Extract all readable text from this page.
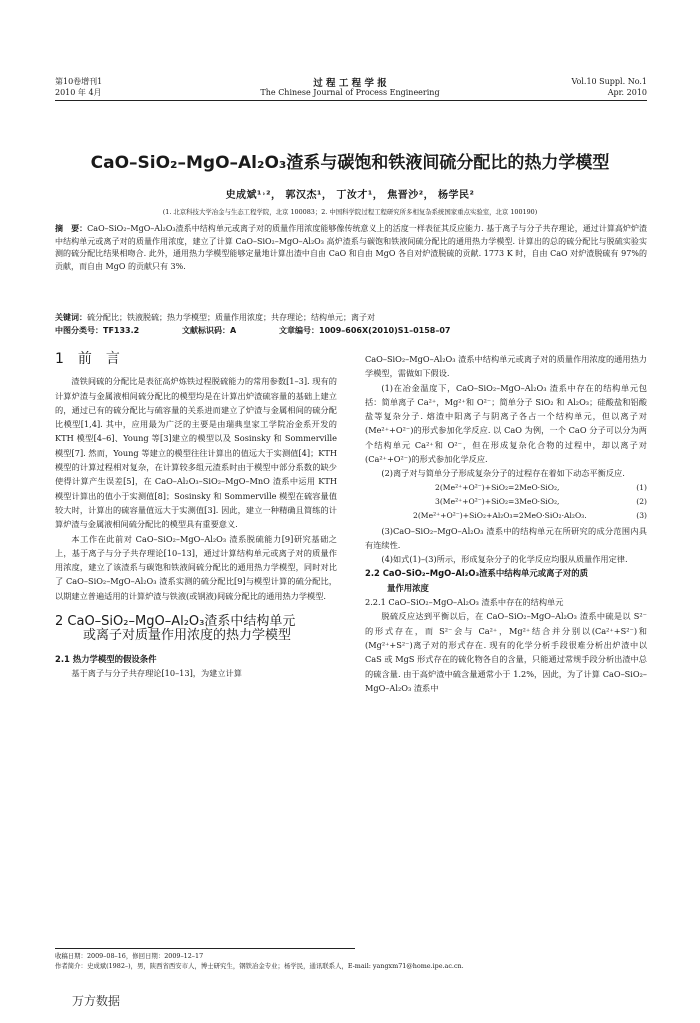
第10卷增刊1
2010 年 4月
过 程 工 程 学 报
The Chinese Journal of Process Engineering
Vol.10 Suppl. No.1
Apr. 2010
CaO–SiO₂–MgO–Al₂O₃渣系与碳饱和铁液间硫分配比的热力学模型
史成斌¹˒²， 郭汉杰¹， 丁汝才¹， 焦晋沙²， 杨学民²
(1. 北京科技大学冶金与生态工程学院，北京 100083；2. 中国科学院过程工程研究所多相复杂系统国家重点实验室，北京 100190)
摘　要：CaO–SiO₂–MgO–Al₂O₃渣系中结构单元或离子对的质量作用浓度能够像传统意义上的活度一样表征其反应能力. 基于离子与分子共存理论，通过计算高炉炉渣中结构单元或离子对的质量作用浓度，建立了计算 CaO–SiO₂–MgO–Al₂O₃ 高炉渣系与碳饱和铁液间硫分配比的通用热力学模型. 计算出的总的硫分配比与脱硫实验实测的硫分配比结果相吻合. 此外，通用热力学模型能够定量地计算出渣中自由 CaO 和自由 MgO 各自对炉渣脱硫的贡献. 1773 K 时，自由 CaO 对炉渣脱硫有 97%的贡献，而自由 MgO 的贡献只有 3%.
关键词：硫分配比；铁液脱硫；热力学模型；质量作用浓度；共存理论；结构单元；离子对
中图分类号：TF133.2	文献标识码：A	文章编号：1009–606X(2010)S1–0158–07
1　前　言

渣铁间硫的分配比是表征高炉炼铁过程脱硫能力的常用参数[1–3]. 现有的计算炉渣与金属液相间硫分配比的模型均是在计算出炉渣硫容量的基础上建立的，通过已有的硫分配比与硫容量的关系进而建立了炉渣与金属相间的硫分配比模型[1,4]. 其中，应用最为广泛的主要是由瑞典皇家工学院冶金系开发的 KTH 模型[4–6]、Young 等[3]建立的模型以及 Sosinsky 和 Sommerville 模型[7]. 然而，Young 等建立的模型往往计算出的值远大于实测值[4]；KTH 模型的计算过程相对复杂，在计算较多组元渣系时由于模型中部分系数的缺少使得计算产生误差[5]，在 CaO–Al₂O₃–SiO₂–MgO–MnO 渣系中运用 KTH 模型计算出的值小于实测值[8]；Sosinsky 和 Sommerville 模型在硫容量值较大时，计算出的硫容量值远大于实测值[3]. 因此，建立一种精确且简练的计算炉渣与金属液相间硫分配比的模型具有重要意义.

本工作在此前对 CaO–SiO₂–MgO–Al₂O₃ 渣系脱硫能力[9]研究基础之上，基于离子与分子共存理论[10–13]，通过计算结构单元或离子对的质量作用浓度，建立了该渣系与碳饱和铁液间硫分配比的通用热力学模型，同时对比了 CaO–SiO₂–MgO–Al₂O₃ 渣系实测的硫分配比[9]与模型计算的硫分配比，以期建立普遍适用的计算炉渣与铁液(或钢液)间硫分配比的通用热力学模型.

2 CaO–SiO₂–MgO–Al₂O₃渣系中结构单元
或离子对质量作用浓度的热力学模型
2.1 热力学模型的假设条件

基于离子与分子共存理论[10–13]，为建立计算

CaO–SiO₂–MgO–Al₂O₃ 渣系中结构单元或离子对的质量作用浓度的通用热力学模型，需做如下假设.

(1)在冶金温度下，CaO–SiO₂–MgO–Al₂O₃ 渣系中存在的结构单元包括：简单离子 Ca²⁺，Mg²⁺和 O²⁻；简单分子 SiO₂ 和 Al₂O₃；硅酸盐和铝酸盐等复杂分子. 熔渣中阳离子与阴离子各占一个结构单元，但以离子对(Me²⁺+O²⁻)的形式参加化学反应. 以 CaO 为例，一个 CaO 分子可以分为两个结构单元 Ca²⁺和 O²⁻，但在形成复杂化合物的过程中，却以离子对(Ca²⁺+O²⁻)的形式参加化学反应.

(2)离子对与简单分子形成复杂分子的过程存在着如下动态平衡反应.

2(Me²⁺+O²⁻)+SiO₂=2MeO·SiO₂,	(1)
3(Me²⁺+O²⁻)+SiO₂=3MeO·SiO₂,	(2)
2(Me²⁺+O²⁻)+SiO₂+Al₂O₃=2MeO·SiO₂·Al₂O₃.	(3)

(3)CaO–SiO₂–MgO–Al₂O₃ 渣系中的结构单元在所研究的成分范围内具有连续性.

(4)如式(1)–(3)所示，形成复杂分子的化学反应均服从质量作用定律.

2.2 CaO–SiO₂–MgO–Al₂O₃渣系中结构单元或离子对的质
量作用浓度
2.2.1 CaO–SiO₂–MgO–Al₂O₃ 渣系中存在的结构单元

脱硫反应达到平衡以后，在 CaO–SiO₂–MgO–Al₂O₃ 渣系中硫是以 S²⁻的形式存在，而 S²⁻会与 Ca²⁺，Mg²⁺结合并分别以(Ca²⁺+S²⁻)和(Mg²⁺+S²⁻)离子对的形式存在. 现有的化学分析手段很难分析出炉渣中以 CaS 或 MgS 形式存在的硫化物各自的含量，只能通过常规手段分析出渣中总的硫含量. 由于高炉渣中硫含量通常小于 1.2%，因此，为了计算 CaO–SiO₂–MgO–Al₂O₃ 渣系中

收稿日期：2009–08–16，修回日期：2009–12–17
作者简介：史成斌(1982–)，男，陕西省西安市人，博士研究生，钢铁冶金专业；杨学民，通讯联系人，E-mail: yangxm71@home.ipe.ac.cn.
万方数据
